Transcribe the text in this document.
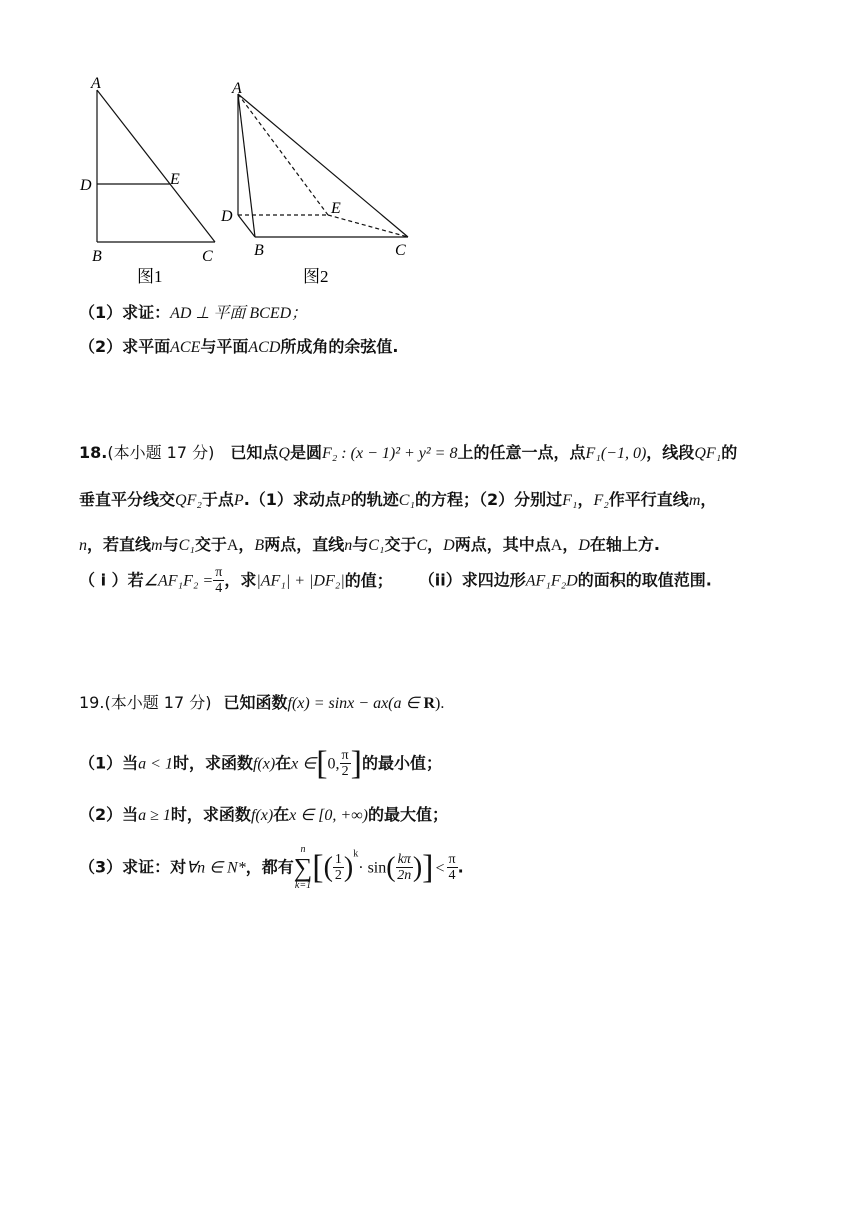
A
D	E
B	C
图1
A
D	E
B	C
图2
（1）求证：AD ⊥ 平面 BCED；
（2）求平面ACE与平面ACD所成角的余弦值.
18.(本小题 17 分) 已知点Q是圆F₂ : (x − 1)² + y² = 8上的任意一点，点F₁(−1, 0)，线段QF₁的
垂直平分线交QF₂于点P.（1）求动点P的轨迹C₁的方程；（2）分别过F₁，F₂作平行直线m，
n，若直线m与C₁交于A，B两点，直线n与C₁交于C，D两点，其中点A，D在轴上方.
（ i ）若∠AF₁F₂ = $\frac{\pi}{4}$ ，求|AF₁| + |DF₂|的值； （ii）求四边形AF₁F₂D的面积的取值范围.
19.(本小题 17 分) 已知函数f(x) = sinx − ax(a ∈ R).
（1）当a < 1时，求函数f(x)在x ∈[0, $\frac{\pi}{2}$ ]的最小值；
（2）当a ≥ 1时，求函数f(x)在x ∈ [0, +∞)的最大值；
（3）求证：对∀n ∈ N*，都有
n
∑
k=1 [( $\frac{1}{2} )^k\cdot \sin( \frac{k\pi}{2n}$ )] < $\frac{\pi}{4}$ .
